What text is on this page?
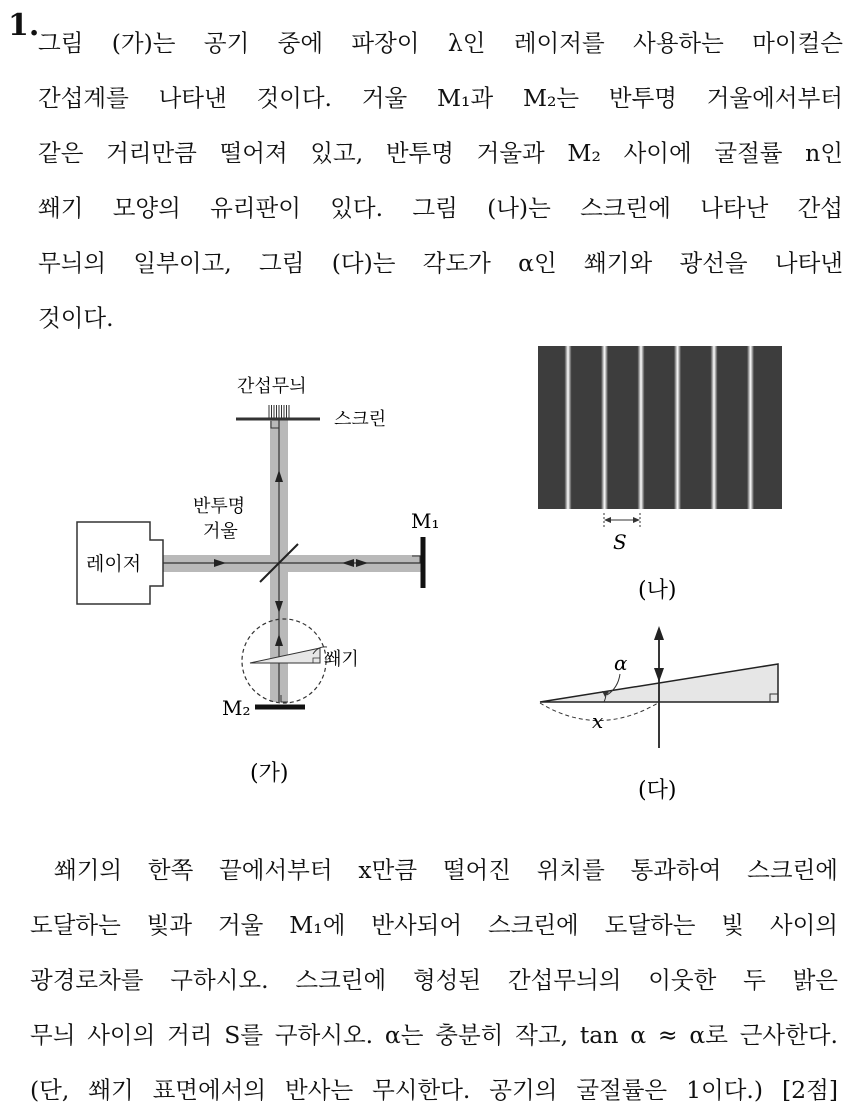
1.
그림 (가)는 공기 중에 파장이 λ인 레이저를 사용하는 마이컬슨
간섭계를 나타낸 것이다. 거울 M₁과 M₂는 반투명 거울에서부터
같은 거리만큼 떨어져 있고, 반투명 거울과 M₂ 사이에 굴절률 n인
쐐기 모양의 유리판이 있다. 그림 (나)는 스크린에 나타난 간섭
무늬의 일부이고, 그림 (다)는 각도가 α인 쐐기와 광선을 나타낸
것이다.
간섭무늬
스크린
레이저
반투명
거울	M₁
M₂
쐐기
(가)
S
(나)
α
x
(다)
쐐기의 한쪽 끝에서부터 x만큼 떨어진 위치를 통과하여 스크린에
도달하는 빛과 거울 M₁에 반사되어 스크린에 도달하는 빛 사이의
광경로차를 구하시오. 스크린에 형성된 간섭무늬의 이웃한 두 밝은
무늬 사이의 거리 S를 구하시오. α는 충분히 작고, tan α ≈ α로 근사한다.
(단, 쐐기 표면에서의 반사는 무시한다. 공기의 굴절률은 1이다.) [2점]
